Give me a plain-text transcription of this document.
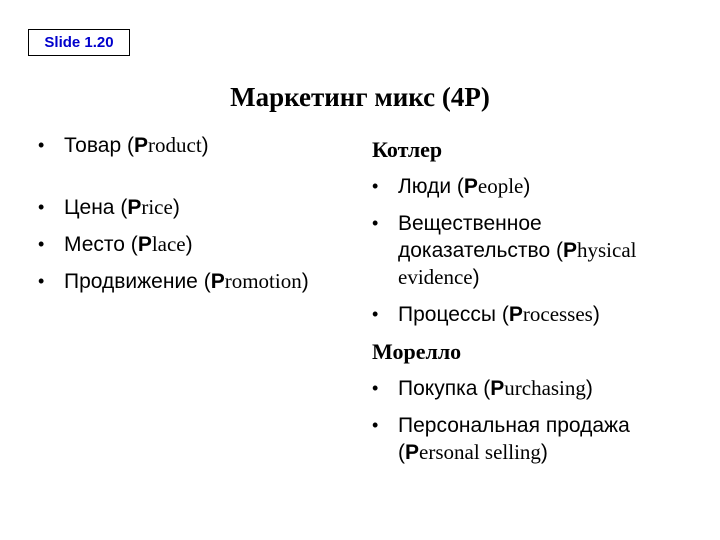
Slide 1.20
Маркетинг микс (4P)
• Товар (Product)
• Цена (Price)
• Место (Place)
• Продвижение (Promotion)
Котлер
• Люди (People)
• Вещественное доказательство (Physical evidence)
• Процессы (Processes)
Морелло
• Покупка (Purchasing)
• Персональная продажа (Personal selling)
